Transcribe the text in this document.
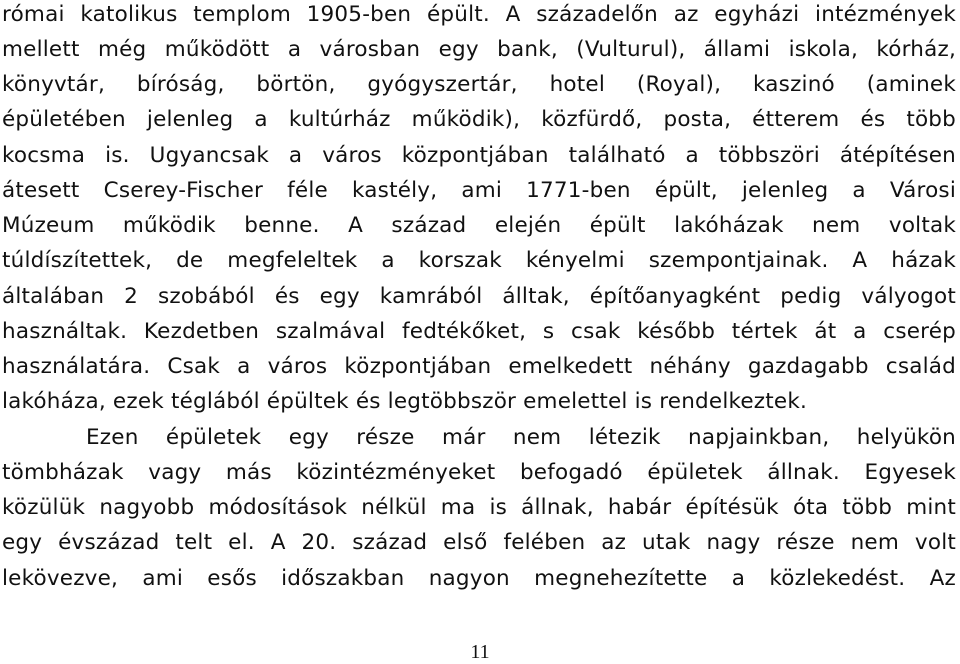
római katolikus templom 1905-ben épült. A századelőn az egyházi intézmények
mellett még működött a városban egy bank, (Vulturul), állami iskola, kórház,
könyvtár, bíróság, börtön, gyógyszertár, hotel (Royal), kaszinó (aminek
épületében jelenleg a kultúrház működik), közfürdő, posta, étterem és több
kocsma is. Ugyancsak a város központjában található a többszöri átépítésen
átesett Cserey-Fischer féle kastély, ami 1771-ben épült, jelenleg a Városi
Múzeum működik benne. A század elején épült lakóházak nem voltak
túldíszítettek, de megfeleltek a korszak kényelmi szempontjainak. A házak
általában 2 szobából és egy kamrából álltak, építőanyagként pedig vályogot
használtak. Kezdetben szalmával fedtékőket, s csak később tértek át a cserép
használatára. Csak a város központjában emelkedett néhány gazdagabb család
lakóháza, ezek téglából épültek és legtöbbször emelettel is rendelkeztek.
Ezen épületek egy része már nem létezik napjainkban, helyükön
tömbházak vagy más közintézményeket befogadó épületek állnak. Egyesek
közülük nagyobb módosítások nélkül ma is állnak, habár építésük óta több mint
egy évszázad telt el. A 20. század első felében az utak nagy része nem volt
lekövezve, ami esős időszakban nagyon megnehezítette a közlekedést. Az
11
